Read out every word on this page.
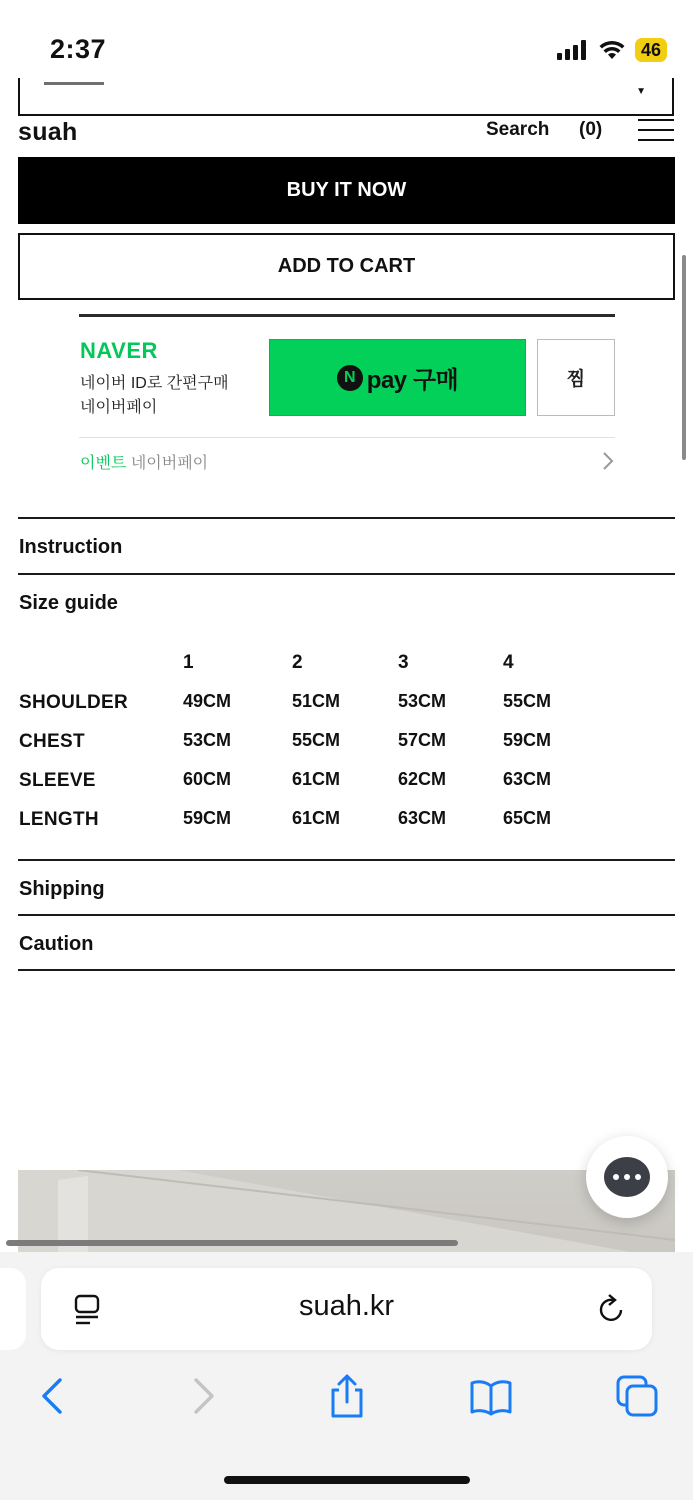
2:37	46
▼
suah	Search (0)
BUY IT NOW
ADD TO CART
NAVER
네이버 ID로 간편구매
네이버페이
N pay 구매	찜
이벤트 네이버페이
Instruction
Size guide
1	2	3	4
SHOULDER	49CM	51CM	53CM	55CM
CHEST	53CM	55CM	57CM	59CM
SLEEVE	60CM	61CM	62CM	63CM
LENGTH	59CM	61CM	63CM	65CM
Shipping
Caution
suah.kr
